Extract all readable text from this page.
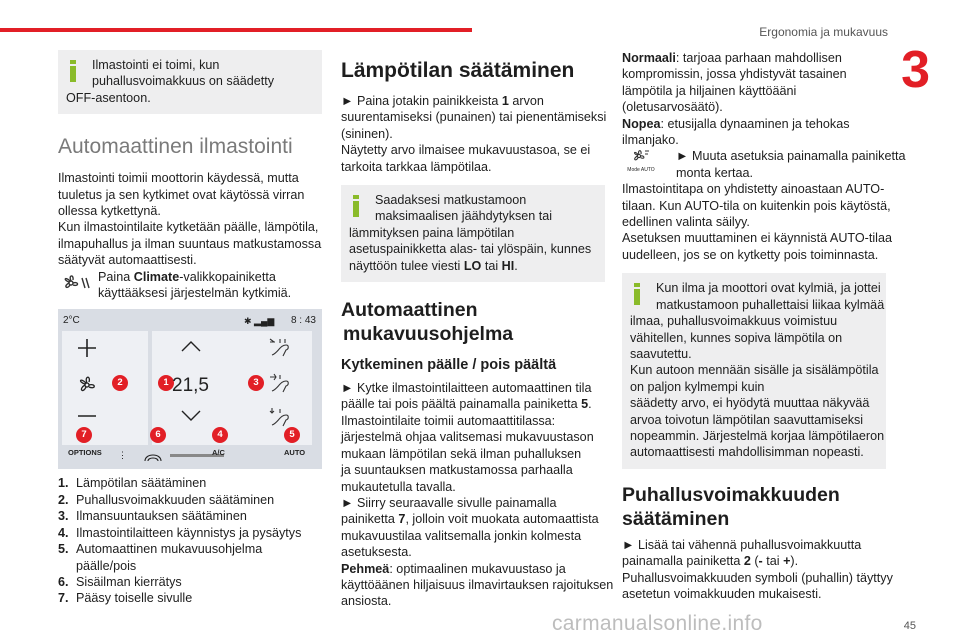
Ergonomia ja mukavuus
3

Ilmastointi ei toimi, kun

puhallusvoimakkuus on säädetty
OFF-asentoon.
Automaattinen ilmastointi
Ilmastointi toimii moottorin käydessä, mutta
tuuletus ja sen kytkimet ovat käytössä virran
ollessa kytkettynä.
Kun ilmastointilaite kytketään päälle, lämpötila,
ilmapuhallus ja ilman suuntaus matkustamossa
säätyvät automaattisesti.
Paina Climate-valikkopainiketta
käyttääksesi järjestelmän kytkimiä.
2°C	✱ ▂▄▆ 8 : 43
2	1 21,5	3
7	6	4	5
OPTIONS ⋮	A/C	AUTO
1. Lämpötilan säätäminen
2. Puhallusvoimakkuuden säätäminen
3. Ilmansuuntauksen säätäminen
4. Ilmastointilaitteen käynnistys ja pysäytys
5. Automaattinen mukavuusohjelma päälle/pois
6. Sisäilman kierrätys
7. Pääsy toiselle sivulle
Lämpötilan säätäminen
► Paina jotakin painikkeista 1 arvon
suurentamiseksi (punainen) tai pienentämiseksi
(sininen).
Näytetty arvo ilmaisee mukavuustasoa, se ei
tarkoita tarkkaa lämpötilaa.
Saadaksesi matkustamoon
maksimaalisen jäähdytyksen tai
lämmityksen paina lämpötilan
asetuspainikketta alas- tai ylöspäin, kunnes
näyttöön tulee viesti LO tai HI.
Automaattinen
mukavuusohjelma
Kytkeminen päälle / pois päältä
► Kytke ilmastointilaitteen automaattinen tila
päälle tai pois päältä painamalla painiketta 5.
Ilmastointilaite toimii automaattitilassa:
järjestelmä ohjaa valitsemasi mukavuustason
mukaan lämpötilan sekä ilman puhalluksen
ja suuntauksen matkustamossa parhaalla
mukautetulla tavalla.
► Siirry seuraavalle sivulle painamalla
painiketta 7, jolloin voit muokata automaattista
mukavuustilaa valitsemalla jonkin kolmesta
asetuksesta.
Pehmeä: optimaalinen mukavuustaso ja
käyttöäänen hiljaisuus ilmavirtauksen rajoituksen
ansiosta.
Normaali: tarjoaa parhaan mahdollisen
kompromissin, jossa yhdistyvät tasainen
lämpötila ja hiljainen käyttöääni
(oletusarvosäätö).
Nopea: etusijalla dynaaminen ja tehokas
ilmanjako.
Mode AUTO
► Muuta asetuksia painamalla painiketta
monta kertaa.
Ilmastointitapa on yhdistetty ainoastaan AUTO-
tilaan. Kun AUTO-tila on kuitenkin pois käytöstä,
edellinen valinta säilyy.
Asetuksen muuttaminen ei käynnistä AUTO-tilaa
uudelleen, jos se on kytketty pois toiminnasta.
Kun ilma ja moottori ovat kylmiä, ja jottei
matkustamoon puhallettaisi liikaa kylmää
ilmaa, puhallusvoimakkuus voimistuu
vähitellen, kunnes sopiva lämpötila on
saavutettu.
Kun autoon mennään sisälle ja sisälämpötila
on paljon kylmempi kuin
säädetty arvo, ei hyödytä muuttaa näkyvää
arvoa toivotun lämpötilan saavuttamiseksi
nopeammin. Järjestelmä korjaa lämpötilaeron
automaattisesti mahdollisimman nopeasti.
Puhallusvoimakkuuden
säätäminen
► Lisää tai vähennä puhallusvoimakkuutta
painamalla painiketta 2 (- tai +).
Puhallusvoimakkuuden symboli (puhallin) täyttyy
asetetun voimakkuuden mukaisesti.
carmanualsonline.info	45
